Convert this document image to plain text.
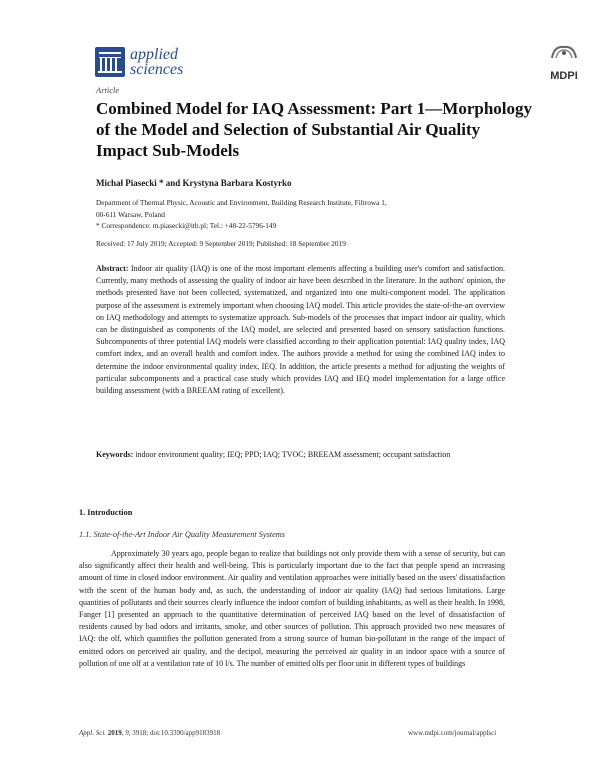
applied
sciences	MDPI
Article
Combined Model for IAQ Assessment: Part 1—Morphology of the Model and Selection of Substantial Air Quality Impact Sub-Models
Michał Piasecki * and Krystyna Barbara Kostyrko
Department of Thermal Physic, Acoustic and Environment, Building Research Institute, Filtrowa 1, 00-611 Warsaw, Poland
* Correspondence: m.piasecki@itb.pl; Tel.: +48-22-5796-149
Received: 17 July 2019; Accepted: 9 September 2019; Published: 18 September 2019
Abstract: Indoor air quality (IAQ) is one of the most important elements affecting a building user's comfort and satisfaction. Currently, many methods of assessing the quality of indoor air have been described in the literature. In the authors' opinion, the methods presented have not been collected, systematized, and organized into one multi-component model. The application purpose of the assessment is extremely important when choosing IAQ model. This article provides the state-of-the-art overview on IAQ methodology and attempts to systematize approach. Sub-models of the processes that impact indoor air quality, which can be distinguished as components of the IAQ model, are selected and presented based on sensory satisfaction functions. Subcomponents of three potential IAQ models were classified according to their application potential: IAQ quality index, IAQ comfort index, and an overall health and comfort index. The authors provide a method for using the combined IAQ index to determine the indoor environmental quality index, IEQ. In addition, the article presents a method for adjusting the weights of particular subcomponents and a practical case study which provides IAQ and IEQ model implementation for a large office building assessment (with a BREEAM rating of excellent).
Keywords: indoor environment quality; IEQ; PPD; IAQ; TVOC; BREEAM assessment; occupant satisfaction
1. Introduction
1.1. State-of-the-Art Indoor Air Quality Measurement Systems
Approximately 30 years ago, people began to realize that buildings not only provide them with a sense of security, but can also significantly affect their health and well-being. This is particularly important due to the fact that people spend an increasing amount of time in closed indoor environment. Air quality and ventilation approaches were initially based on the users' dissatisfaction with the scent of the human body and, as such, the understanding of indoor air quality (IAQ) had serious limitations. Large quantities of pollutants and their sources clearly influence the indoor comfort of building inhabitants, as well as their health. In 1998, Fanger [1] presented an approach to the quantitative determination of perceived IAQ based on the level of dissatisfaction of residents caused by bad odors and irritants, smoke, and other sources of pollution. This approach provided two new measures of IAQ: the olf, which quantifies the pollution generated from a strong source of human bio-pollutant in the range of the impact of emitted odors on perceived air quality, and the decipol, measuring the perceived air quality in an indoor space with a source of pollution of one olf at a ventilation rate of 10 l/s. The number of emitted olfs per floor unit in different types of buildings
Appl. Sci. 2019, 9, 3918; doi:10.3390/app9183918	www.mdpi.com/journal/applsci
